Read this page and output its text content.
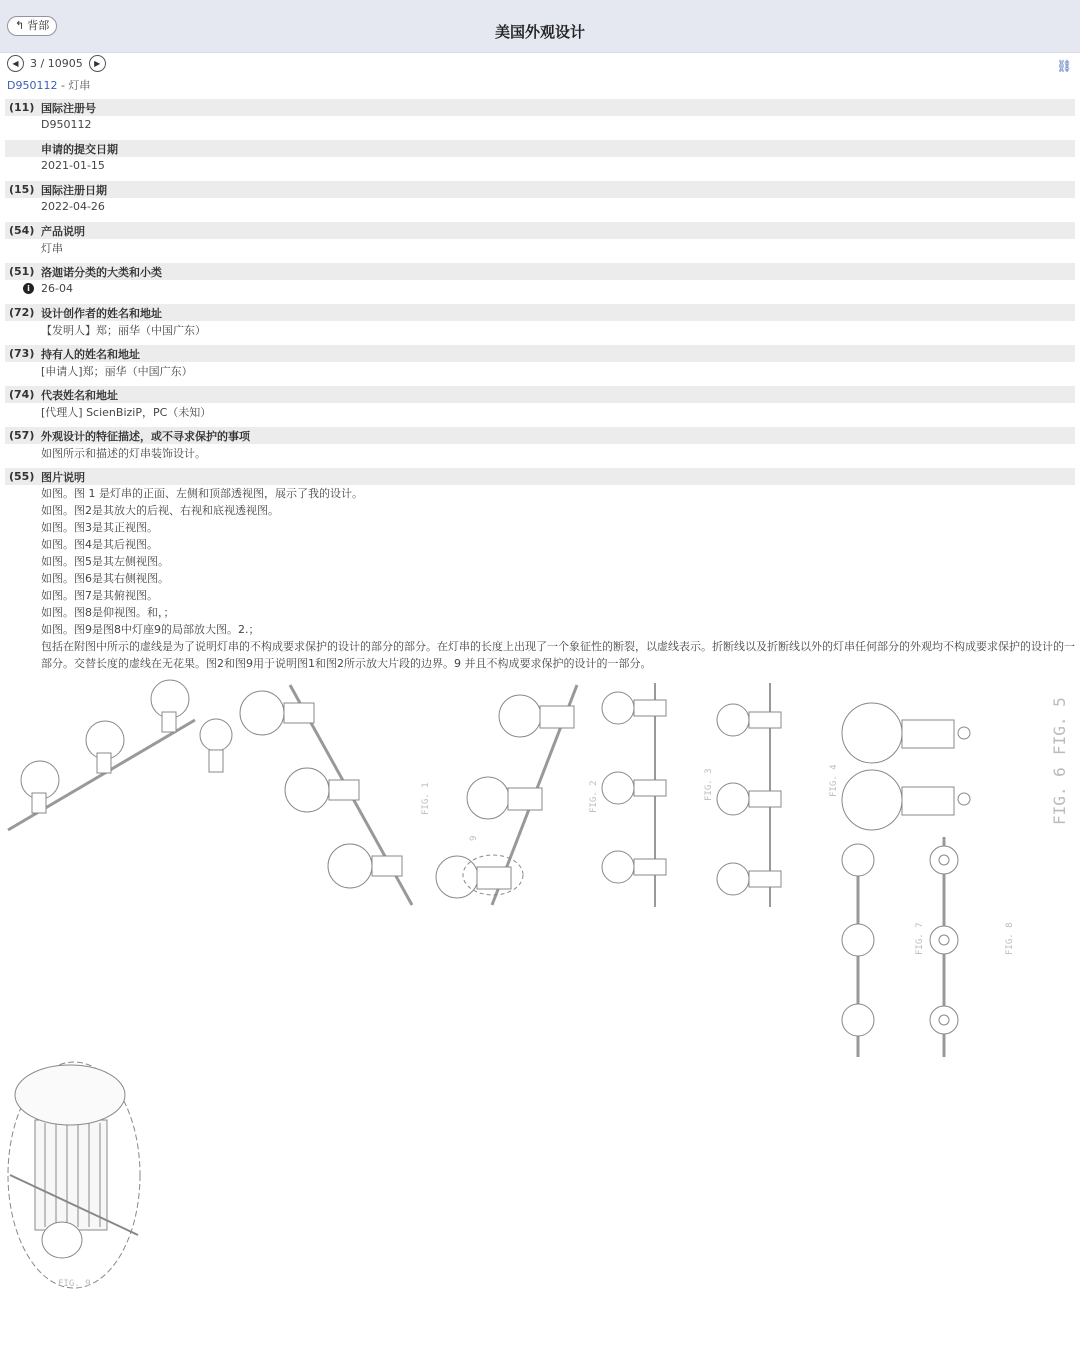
↰ 背部	美国外观设计
◀	3 / 10905	▶	⛓
D950112 - 灯串
(11) 国际注册号
D950112
申请的提交日期
2021-01-15
(15) 国际注册日期
2022-04-26
(54) 产品说明
灯串
(51) 洛迦诺分类的大类和小类
i	26-04
(72) 设计创作者的姓名和地址
【发明人】郑；丽华（中国广东）
(73) 持有人的姓名和地址
[申请人]郑；丽华（中国广东）
(74) 代表姓名和地址
[代理人] ScienBiziP，PC（未知）
(57) 外观设计的特征描述，或不寻求保护的事项
如图所示和描述的灯串装饰设计。
(55) 图片说明
如图。图 1 是灯串的正面、左侧和顶部透视图，展示了我的设计。
如图。图2是其放大的后视、右视和底视透视图。
如图。图3是其正视图。
如图。图4是其后视图。
如图。图5是其左侧视图。
如图。图6是其右侧视图。
如图。图7是其俯视图。
如图。图8是仰视图。和，；
如图。图9是图8中灯座9的局部放大图。2.；
包括在附图中所示的虚线是为了说明灯串的不构成要求保护的设计的部分的部分。在灯串的长度上出现了一个象征性的断裂，以虚线表示。折断线以及折断线以外的灯串任何部分的外观均不构成要求保护的设计的一部分。交替长度的虚线在无花果。图2和图9用于说明图1和图2所示放大片段的边界。9 并且不构成要求保护的设计的一部分。
FIG. 1	FIG. 2	FIG. 3	FIG. 4
FIG. 5
FIG. 6
FIG. 7	FIG. 8
FIG. 9
9
